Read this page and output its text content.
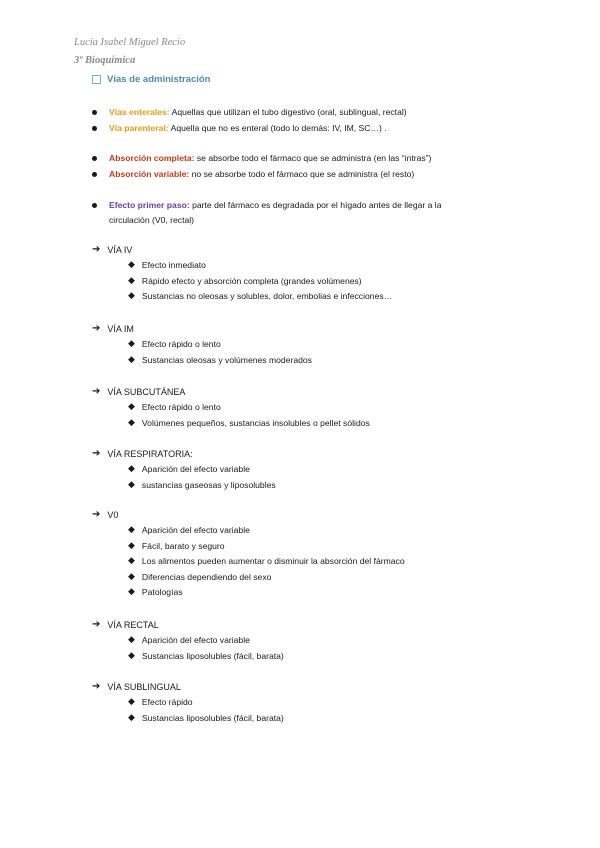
Lucia Isabel Miguel Recio
3º Bioquímica
Vías de administración
Vías enterales: Aquellas que utilizan el tubo digestivo (oral, sublingual, rectal)
Vía parenteral: Aquella que no es enteral (todo lo demás: IV, IM, SC…) .
Absorción completa: se absorbe todo el fármaco que se administra (en las “intras”)
Absorción variable: no se absorbe todo el fármaco que se administra (el resto)
Efecto primer paso: parte del fármaco es degradada por el hígado antes de llegar a la
circulación (V0, rectal)
➔ VÍA IV
◆ Efecto inmediato
◆ Rápido efecto y absorción completa (grandes volúmenes)
◆ Sustancias no oleosas y solubles, dolor, embolias e infecciones…
➔ VÍA IM
◆ Efecto rápido o lento
◆ Sustancias oleosas y volúmenes moderados
➔ VÍA SUBCUTÁNEA
◆ Efecto rápido o lento
◆ Volúmenes pequeños, sustancias insolubles o pellet sólidos
➔ VÍA RESPIRATORIA:
◆ Aparición del efecto variable
◆ sustancias gaseosas y liposolubles
➔ V0
◆ Aparición del efecto variable
◆ Fácil, barato y seguro
◆ Los alimentos pueden aumentar o disminuir la absorción del fármaco
◆ Diferencias dependiendo del sexo
◆ Patologías
➔ VÍA RECTAL
◆ Aparición del efecto variable
◆ Sustancias liposolubles (fácil, barata)
➔ VÍA SUBLINGUAL
◆ Efecto rápido
◆ Sustancias liposolubles (fácil, barata)
